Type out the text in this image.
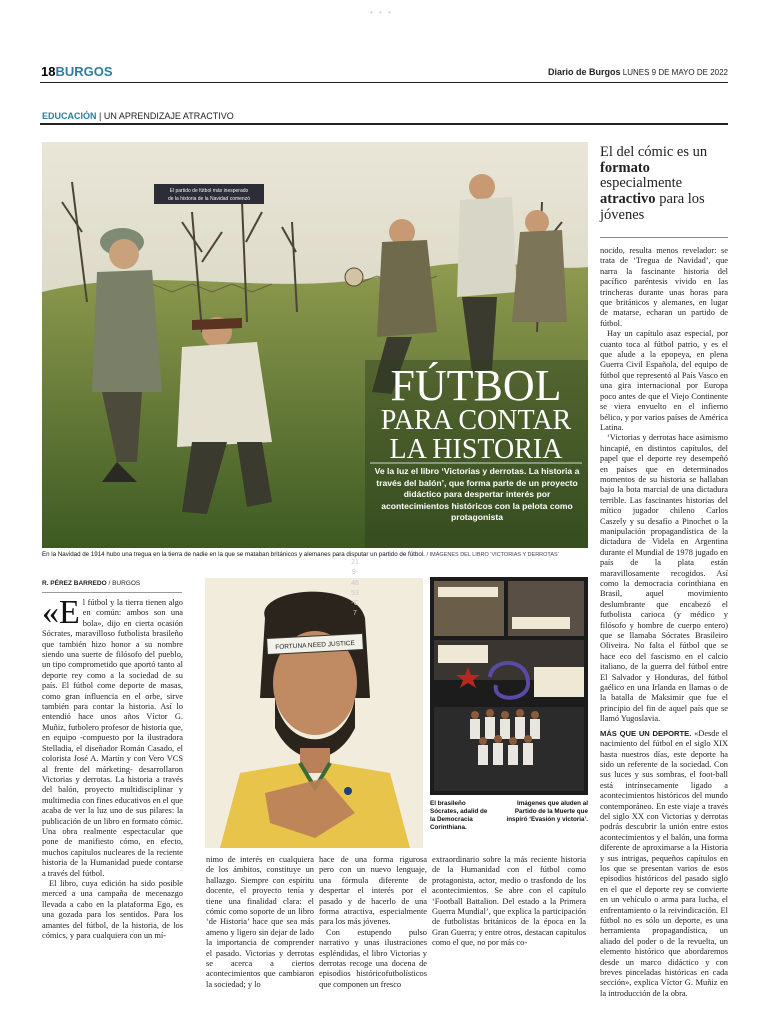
• • •
18BURGOS	Diario de Burgos LUNES 9 DE MAYO DE 2022
EDUCACIÓN | UN APRENDIZAJE ATRACTIVO
El partido de fútbol más inesperado
de la historia de la Navidad comenzó
FÚTBOL
PARA CONTAR
LA HISTORIA
Ve la luz el libro ‘Victorias y derrotas. La historia a través del balón’, que forma parte de un proyecto didáctico para despertar interés por acontecimientos históricos con la pelota como protagonista
En la Navidad de 1914 hubo una tregua en la tierra de nadie en la que se mataban británicos y alemanes para disputar un partido de fútbol. / IMÁGENES DEL LIBRO ‘VICTORIAS Y DERROTAS’
El del cómic es un formato especialmente atractivo para los jóvenes

nocido, resulta menos revelador: se trata de ‘Tregua de Navidad’, que narra la fascinante historia del pacífico paréntesis vivido en las trincheras durante unas horas para que británicos y alemanes, en lugar de matarse, echaran un partido de fútbol.

Hay un capítulo asaz especial, por cuanto toca al fútbol patrio, y es el que alude a la epopeya, en plena Guerra Civil Española, del equipo de fútbol que representó al País Vasco en una gira internacional por Europa poco antes de que el Viejo Continente se viera envuelto en el infierno bélico, y por varios países de América Latina.

‘Victorias y derrotas hace asimismo hincapié, en distintos capítulos, del papel que el deporte rey desempeñó en países que en determinados momentos de su historia se hallaban bajo la bota marcial de una dictadura terrible. Las fascinantes historias del mítico jugador chileno Carlos Caszely y su desafío a Pinochet o la manipulación propagandística de la dictadura de Videla en Argentina durante el Mundial de 1978 jugado en país de la plata están maravillosamente recogidos. Así como la democracia corinthiana en Brasil, aquel movimiento deslumbrante que encabezó el futbolista carioca (y médico y filósofo y hombre de cuerpo entero) que se llamaba Sócrates Brasileiro Oliveira. No falta el fútbol que se hace eco del fascismo en el calcio italiano, de la guerra del fútbol entre El Salvador y Honduras, del fútbol gaélico en una Irlanda en llamas o de la batalla de Maksimir que fue el principio del fin de aquel país que se llamó Yugoslavia.

MÁS QUE UN DEPORTE. «Desde el nacimiento del fútbol en el siglo XIX hasta nuestros días, este deporte ha sido un referente de la sociedad. Con sus luces y sus sombras, el foot-ball está intrínsecamente ligado a acontecimientos históricos del mundo contemporáneo. En este viaje a través del siglo XX con Victorias y derrotas podrás descubrir la unión entre estos acontecimientos y el balón, una forma diferente de aproximarse a la Historia y sus intrigas, pequeños capítulos en los que se presentan varios de esos episodios históricos del pasado siglo en el que el deporte rey se convierte en un vehículo o arma para lucha, el enfrentamiento o la reivindicación. El fútbol no es sólo un deporte, es una herramienta propagandística, un aliado del poder o de la revuelta, un elemento histórico que abordaremos desde un marco didáctico y con breves pinceladas históricas en cada sección», explica Víctor G. Muñiz en la introducción de la obra.

R. PÉREZ BARREDO / BURGOS

«El fútbol y la tierra tienen algo en común: ambos son una bola», dijo en cierta ocasión Sócrates, maravilloso futbolista brasileño que también hizo honor a su nombre siendo una suerte de filósofo del pueblo, un tipo comprometido que aportó tanto al deporte rey como a la sociedad de su país. El fútbol come deporte de masas, como gran influencia en el orbe, sirve también para contar la historia. Así lo entendió hace unos años Víctor G. Muñiz, futbolero profesor de historia que, en equipo -compuesto por la ilustradora Stelladia, el diseñador Román Casado, el colorista José A. Martín y con Vero VCS al frente del márketing- desarrollaron Victorias y derrotas. La historia a través del balón, proyecto multidisciplinar y multimedia con fines educativos en el que acaba de ver la luz uno de sus pilares: la publicación de un libro en formato cómic. Una obra realmente espectacular que pone de manifiesto cómo, en efecto, muchos capítulos nucleares de la reciente historia de la Humanidad puede contarse a través del fútbol.

El libro, cuya edición ha sido posible merced a una campaña de mecenazgo llevada a cabo en la plataforma Ego, es una gozada para los sentidos. Para los amantes del fútbol, de la historia, de los cómics, y para cualquiera con un mí-

nimo de interés en cualquiera de los ámbitos, constituye un hallazgo. Siempre con espíritu docente, el proyecto tenía y tiene una finalidad clara: el cómic como soporte de un libro ‘de Historia’ hace que sea más ameno y ligero sin dejar de lado la importancia de comprender el pasado. Victorias y derrotas se acerca a ciertos acontecimientos que cambiaron la sociedad; y lo

hace de una forma rigurosa pero con un nuevo lenguaje, una fórmula diferente de despertar el interés por el pasado y de hacerlo de una forma atractiva, especialmente para los más jóvenes.

Con estupendo pulso narrativo y unas ilustraciones espléndidas, el libro Victorias y derrotas recoge una docena de episodios históricofutbolísticos que componen un fresco

extraordinario sobre la más reciente historia de la Humanidad con el fútbol como protagonista, actor, medio o trasfondo de los acontecimientos. Se abre con el capítulo ‘Football Battalion. Del estado a la Primera Guerra Mundial’, que explica la participación de futbolistas británicos de la época en la Gran Guerra; y entre otros, destacan capítulos como el que, no por más co-

FORTUNA NEED JUSTICE
219-4853-C7
El brasileño Sócrates, adalid de la Democracia Corinthiana.
Imágenes que aluden al Partido de la Muerte que inspiró ‘Evasión y victoria’.
